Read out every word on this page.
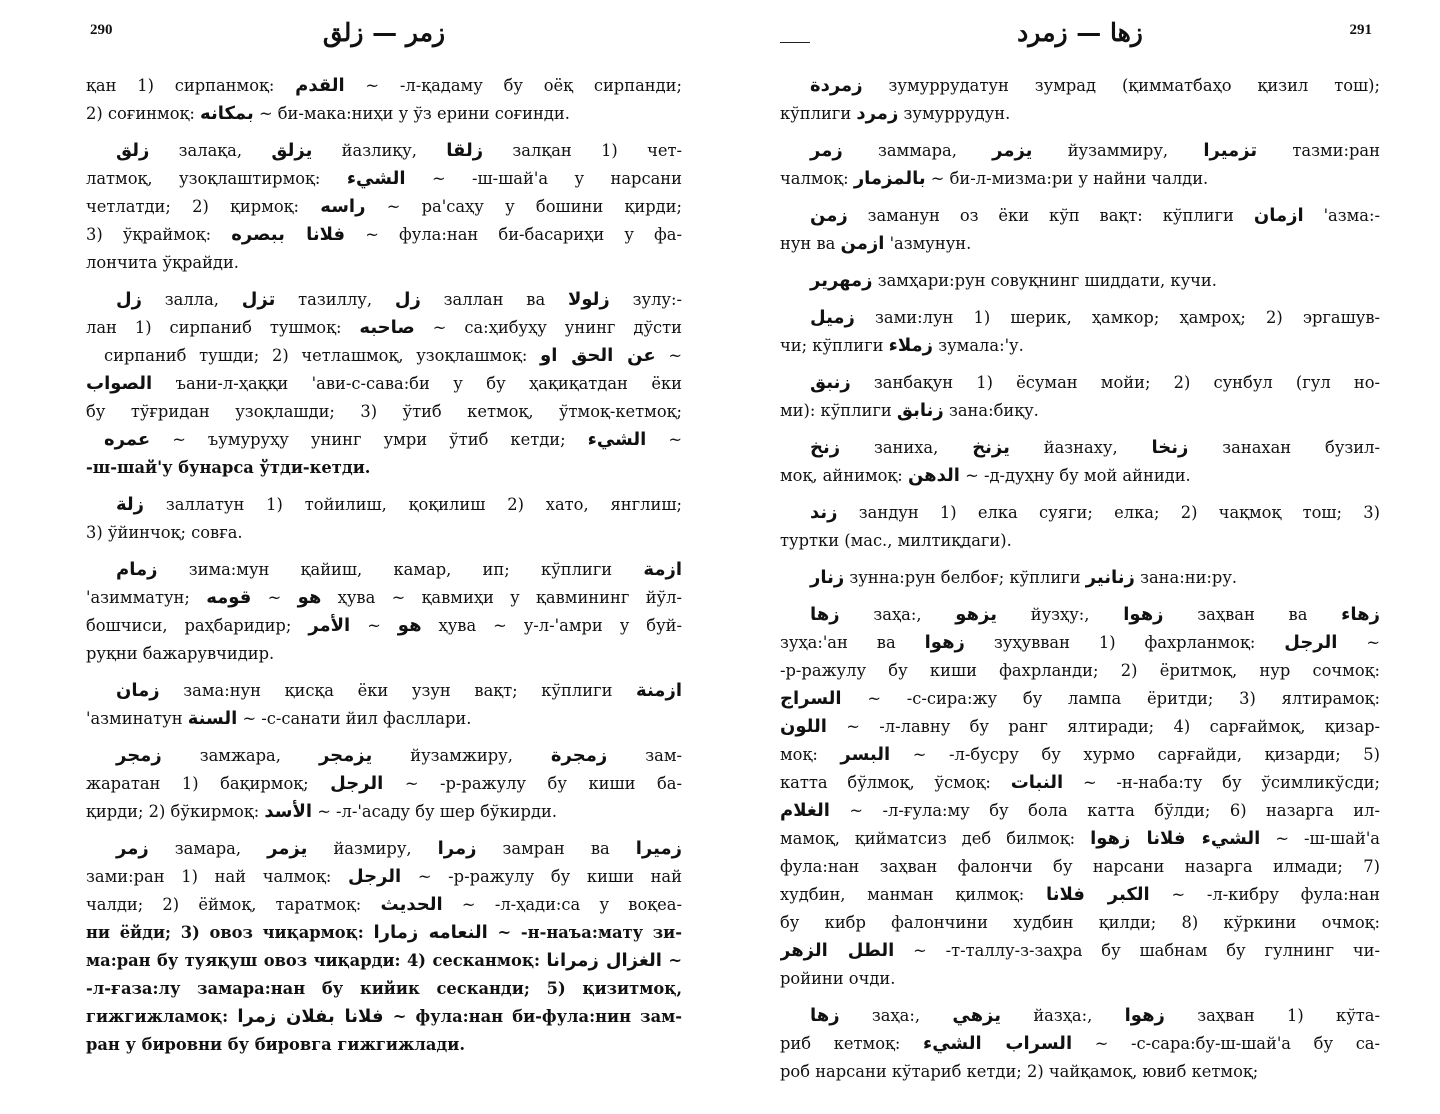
290	زمر — زلق
қан 1) сирпанмоқ: القدم ~ -л-қадаму бу оёқ сирпанди;
2) соғинмоқ: بمكانه ~ би-мака:ниҳи у ўз ерини соғинди.
زلق залақа, يزلق йазлиқу, زلقا залқан 1) чет-
латмоқ, узоқлаштирмоқ: الشيء ~ -ш-шай'а у нарсани
четлатди; 2) қирмоқ: راسه ~ ра'саҳу у бошини қирди;
3) ўқраймоқ: فلانا ببصره ~ фула:нан би-басариҳи у фа-
лончита ўқрайди.
زل залла, تزل тазиллу, زل заллан ва زلولا зулу:-
лан 1) сирпаниб тушмоқ: صاحبه ~ са:ҳибуҳу унинг дўсти
сирпаниб тушди; 2) четлашмоқ, узоқлашмоқ: عن الحق او ~
الصواب ъани-л-ҳаққи 'ави-с-сава:би у бу ҳақиқатдан ёки
бу тўғридан узоқлашди; 3) ўтиб кетмоқ, ўтмоқ-кетмоқ;
عمره ~ ъумуруҳу унинг умри ўтиб кетди; الشيء ~
-ш-шай'у бунарса ўтди-кетди.
زلة заллатун 1) тойилиш, қоқилиш 2) хато, янглиш;
3) ўйинчоқ; совға.
زمام зима:мун қайиш, камар, ип; кўплиги ازمة
'азимматун; قومه ~ هو ҳува ~ қавмиҳи у қавмининг йўл-
бошчиси, раҳбаридир; الأمر ~ هو ҳува ~ у-л-'амри у буй-
руқни бажарувчидир.
زمان зама:нун қисқа ёки узун вақт; кўплиги ازمنة
'азминатун السنة ~ -с-санати йил фасллари.
زمجر замжара, يزمجر йузамжиру, زمجرة зам-
жаратан 1) бақирмоқ; الرجل ~ -р-ражулу бу киши ба-
қирди; 2) бўкирмоқ: الأسد ~ -л-'асаду бу шер бўкирди.
زمر замара, يزمر йазмиру, زمرا замран ва زميرا
зами:ран 1) най чалмоқ: الرجل ~ -р-ражулу бу киши най
чалди; 2) ёймоқ, таратмоқ: الحديث ~ -л-ҳади:са у воқеа-
ни ёйди; 3) овоз чиқармоқ: النعامه زمارا ~ -н-наъа:мату зи-
ма:ран бу туяқуш овоз чиқарди: 4) сесканмоқ: الغزال زمرانا ~
-л-ғаза:лу замара:нан бу кийик сесканди; 5) қизитмоқ,
гижгижламоқ: فلانا بفلان زمرا ~ фула:нан би-фула:нин зам-
ран у бировни бу бировга гижгижлади.
زها — زمرد	291
زمردة зумуррудатун зумрад (қимматбаҳо қизил тош);
кўплиги زمرد зумуррудун.
زمر заммара, يزمر йузаммиру, تزميرا тазми:ран
чалмоқ: بالمزمار ~ би-л-мизма:ри у найни чалди.
زمن заманун оз ёки кўп вақт: кўплиги ازمان 'азма:-
нун ва ازمن 'азмунун.
زمهرير замҳари:рун совуқнинг шиддати, кучи.
زميل зами:лун 1) шерик, ҳамкор; ҳамроҳ; 2) эргашув-
чи; кўплиги زملاء зумала:'у.
زنبق занбақун 1) ёсуман мойи; 2) сунбул (гул но-
ми): кўплиги زنابق зана:биқу.
زنخ заниха, يزنخ йазнаху, زنخا занахан бузил-
моқ, айнимоқ: الدهن ~ -д-дуҳну бу мой айниди.
زند зандун 1) елка суяги; елка; 2) чақмоқ тош; 3)
туртки (мас., милтиқдаги).
زنار зунна:рун белбоғ; кўплиги زنانير зана:ни:ру.
زها заҳа:, يزهو йузҳу:, زهوا заҳван ва زهاء
зуҳа:'ан ва زهوا зуҳувван 1) фахрланмоқ: الرجل ~
-р-ражулу бу киши фахрланди; 2) ёритмоқ, нур сочмоқ:
السراج ~ -с-сира:жу бу лампа ёритди; 3) ялтирамоқ:
اللون ~ -л-лавну бу ранг ялтиради; 4) сарғаймоқ, қизар-
моқ: البسر ~ -л-бусру бу хурмо сарғайди, қизарди; 5)
катта бўлмоқ, ўсмоқ: النبات ~ -н-наба:ту бу ўсимликўсди;
الغلام ~ -л-ғула:му бу бола катта бўлди; 6) назарга ил-
мамоқ, қийматсиз деб билмоқ: الشيء فلانا زهوا ~ -ш-шай'а
фула:нан заҳван фалончи бу нарсани назарга илмади; 7)
худбин, манман қилмоқ: الكبر فلانا ~ -л-кибру фула:нан
бу кибр фалончини худбин қилди; 8) кўркини очмоқ:
الطل الزهر ~ -т-таллу-з-заҳра бу шабнам бу гулнинг чи-
ройини очди.
زها заҳа:, يزهي йазҳа:, زهوا заҳван 1) кўта-
риб кетмоқ: السراب الشيء ~ -с-сара:бу-ш-шай'а бу са-
роб нарсани кўтариб кетди; 2) чайқамоқ, ювиб кетмоқ;
